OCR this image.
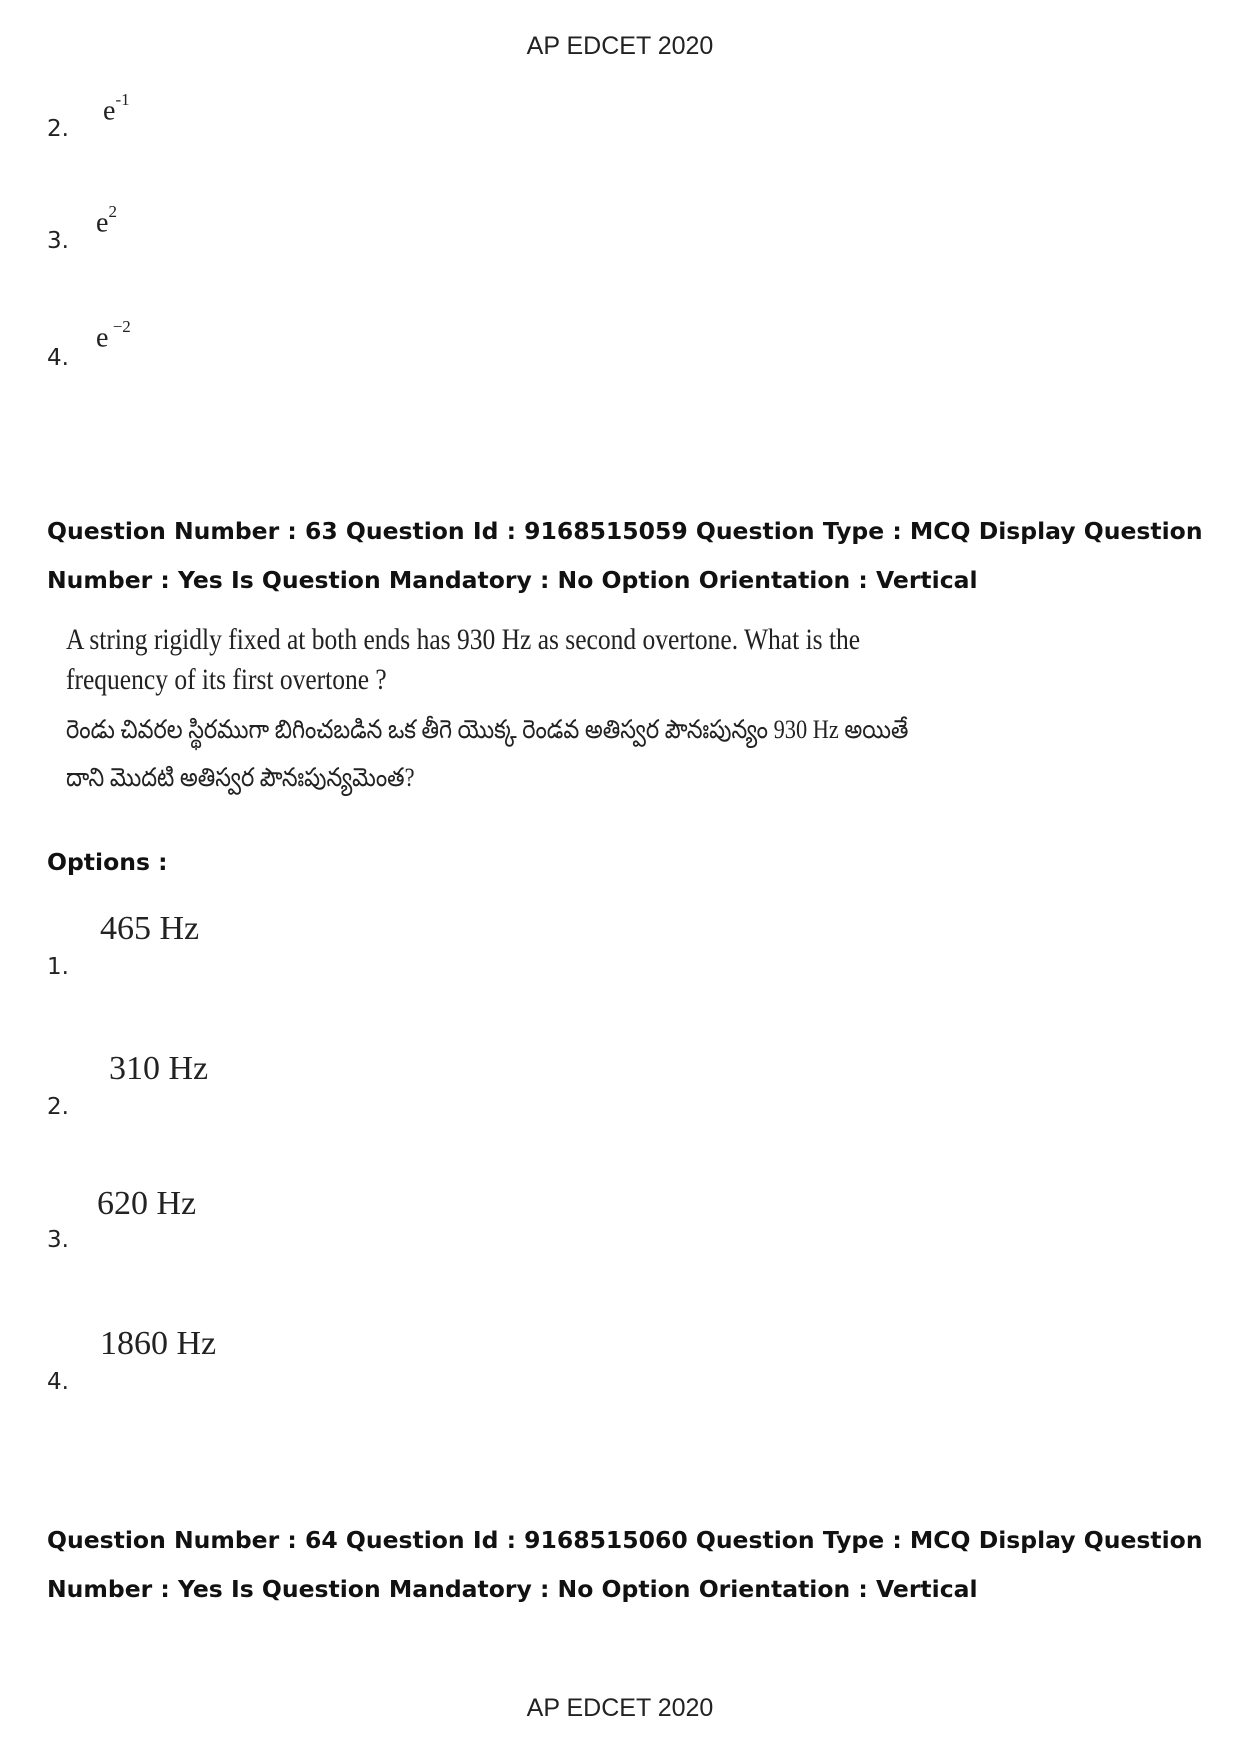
AP EDCET 2020
2.
$e^{-1}$
3.
$e^2$
4.
e $^{-2}$
Question Number : 63 Question Id : 9168515059 Question Type : MCQ Display Question
Number : Yes Is Question Mandatory : No Option Orientation : Vertical
A string rigidly fixed at both ends has 930 Hz as second overtone. What is the
frequency of its first overtone ?
రెండు చివరల స్థిరముగా బిగించబడిన ఒక తీగె యొక్క రెండవ అతిస్వర పౌనఃపున్యం 930 Hz అయితే
దాని మొదటి అతిస్వర పౌనఃపున్యమెంత?
Options :
1.
465 Hz
2.
310 Hz
3.
620 Hz
4.
1860 Hz
Question Number : 64 Question Id : 9168515060 Question Type : MCQ Display Question
Number : Yes Is Question Mandatory : No Option Orientation : Vertical
AP EDCET 2020
